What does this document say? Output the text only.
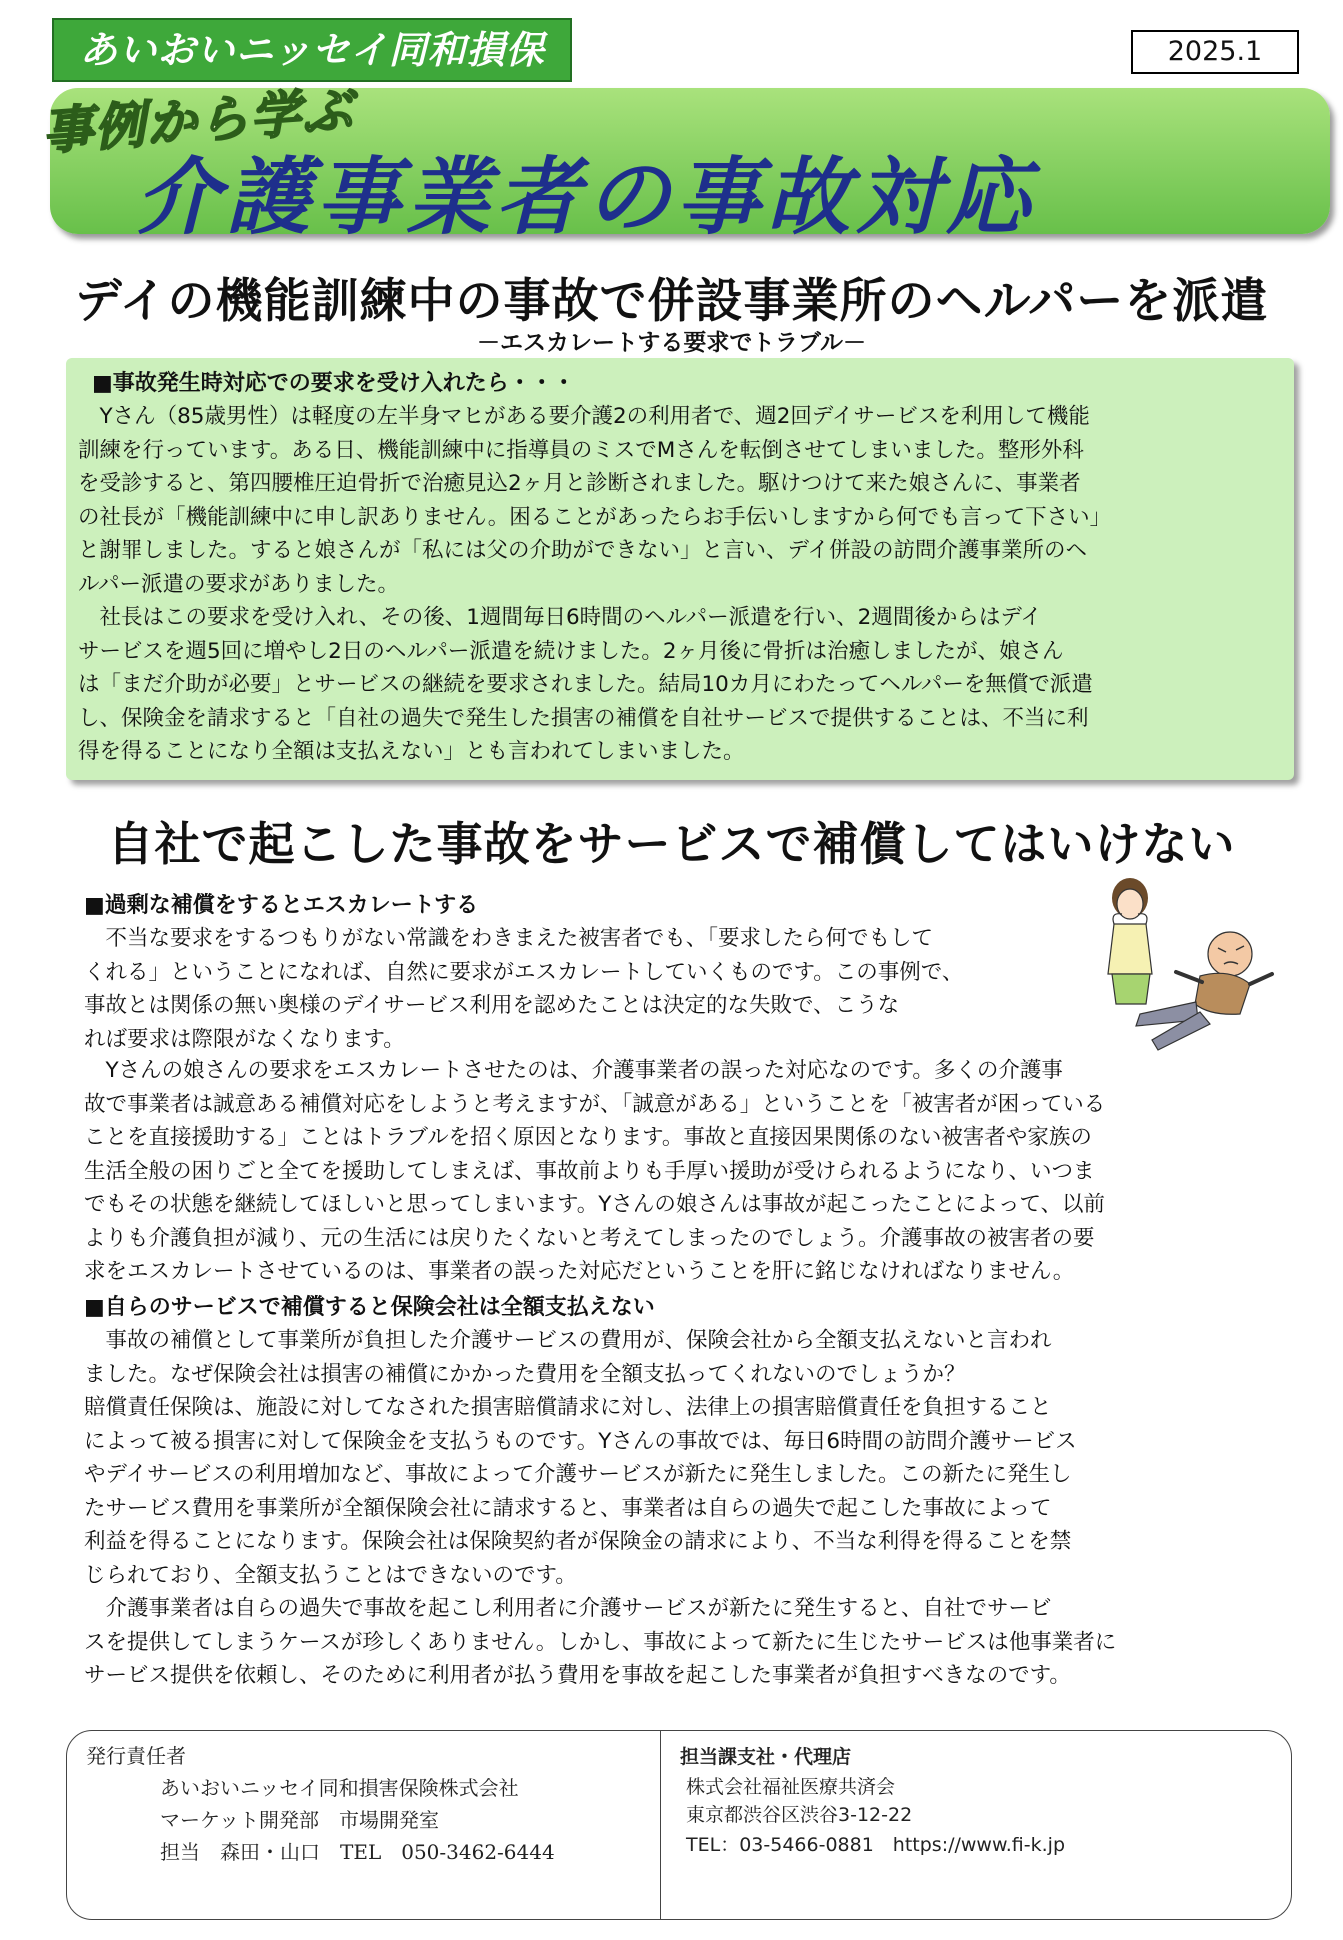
あいおいニッセイ同和損保	2025.1
事例から学ぶ
介護事業者の事故対応
デイの機能訓練中の事故で併設事業所のヘルパーを派遣
－エスカレートする要求でトラブル－
■事故発生時対応での要求を受け入れたら・・・
　Yさん（85歳男性）は軽度の左半身マヒがある要介護2の利用者で、週2回デイサービスを利用して機能
訓練を行っています。ある日、機能訓練中に指導員のミスでMさんを転倒させてしまいました。整形外科
を受診すると、第四腰椎圧迫骨折で治癒見込2ヶ月と診断されました。駆けつけて来た娘さんに、事業者
の社長が「機能訓練中に申し訳ありません。困ることがあったらお手伝いしますから何でも言って下さい」
と謝罪しました。すると娘さんが「私には父の介助ができない」と言い、デイ併設の訪問介護事業所のヘ
ルパー派遣の要求がありました。
　社長はこの要求を受け入れ、その後、1週間毎日6時間のヘルパー派遣を行い、2週間後からはデイ
サービスを週5回に増やし2日のヘルパー派遣を続けました。2ヶ月後に骨折は治癒しましたが、娘さん
は「まだ介助が必要」とサービスの継続を要求されました。結局10カ月にわたってヘルパーを無償で派遣
し、保険金を請求すると「自社の過失で発生した損害の補償を自社サービスで提供することは、不当に利
得を得ることになり全額は支払えない」とも言われてしまいました。
自社で起こした事故をサービスで補償してはいけない
■過剰な補償をするとエスカレートする
　不当な要求をするつもりがない常識をわきまえた被害者でも、「要求したら何でもして
くれる」ということになれば、自然に要求がエスカレートしていくものです。この事例で、
事故とは関係の無い奥様のデイサービス利用を認めたことは決定的な失敗で、こうな
れば要求は際限がなくなります。
　Yさんの娘さんの要求をエスカレートさせたのは、介護事業者の誤った対応なのです。多くの介護事
故で事業者は誠意ある補償対応をしようと考えますが、「誠意がある」ということを「被害者が困っている
ことを直接援助する」ことはトラブルを招く原因となります。事故と直接因果関係のない被害者や家族の
生活全般の困りごと全てを援助してしまえば、事故前よりも手厚い援助が受けられるようになり、いつま
でもその状態を継続してほしいと思ってしまいます。Yさんの娘さんは事故が起こったことによって、以前
よりも介護負担が減り、元の生活には戻りたくないと考えてしまったのでしょう。介護事故の被害者の要
求をエスカレートさせているのは、事業者の誤った対応だということを肝に銘じなければなりません。
■自らのサービスで補償すると保険会社は全額支払えない
　事故の補償として事業所が負担した介護サービスの費用が、保険会社から全額支払えないと言われ
ました。なぜ保険会社は損害の補償にかかった費用を全額支払ってくれないのでしょうか？
賠償責任保険は、施設に対してなされた損害賠償請求に対し、法律上の損害賠償責任を負担すること
によって被る損害に対して保険金を支払うものです。Yさんの事故では、毎日6時間の訪問介護サービス
やデイサービスの利用増加など、事故によって介護サービスが新たに発生しました。この新たに発生し
たサービス費用を事業所が全額保険会社に請求すると、事業者は自らの過失で起こした事故によって
利益を得ることになります。保険会社は保険契約者が保険金の請求により、不当な利得を得ることを禁
じられており、全額支払うことはできないのです。
　介護事業者は自らの過失で事故を起こし利用者に介護サービスが新たに発生すると、自社でサービ
スを提供してしまうケースが珍しくありません。しかし、事故によって新たに生じたサービスは他事業者に
サービス提供を依頼し、そのために利用者が払う費用を事故を起こした事業者が負担すべきなのです。
発行責任者
あいおいニッセイ同和損害保険株式会社
マーケット開発部　市場開発室
担当　森田・山口　TEL　050-3462-6444
担当課支社・代理店
株式会社福祉医療共済会
東京都渋谷区渋谷3-12-22
TEL：03-5466-0881　https://www.fi-k.jp
